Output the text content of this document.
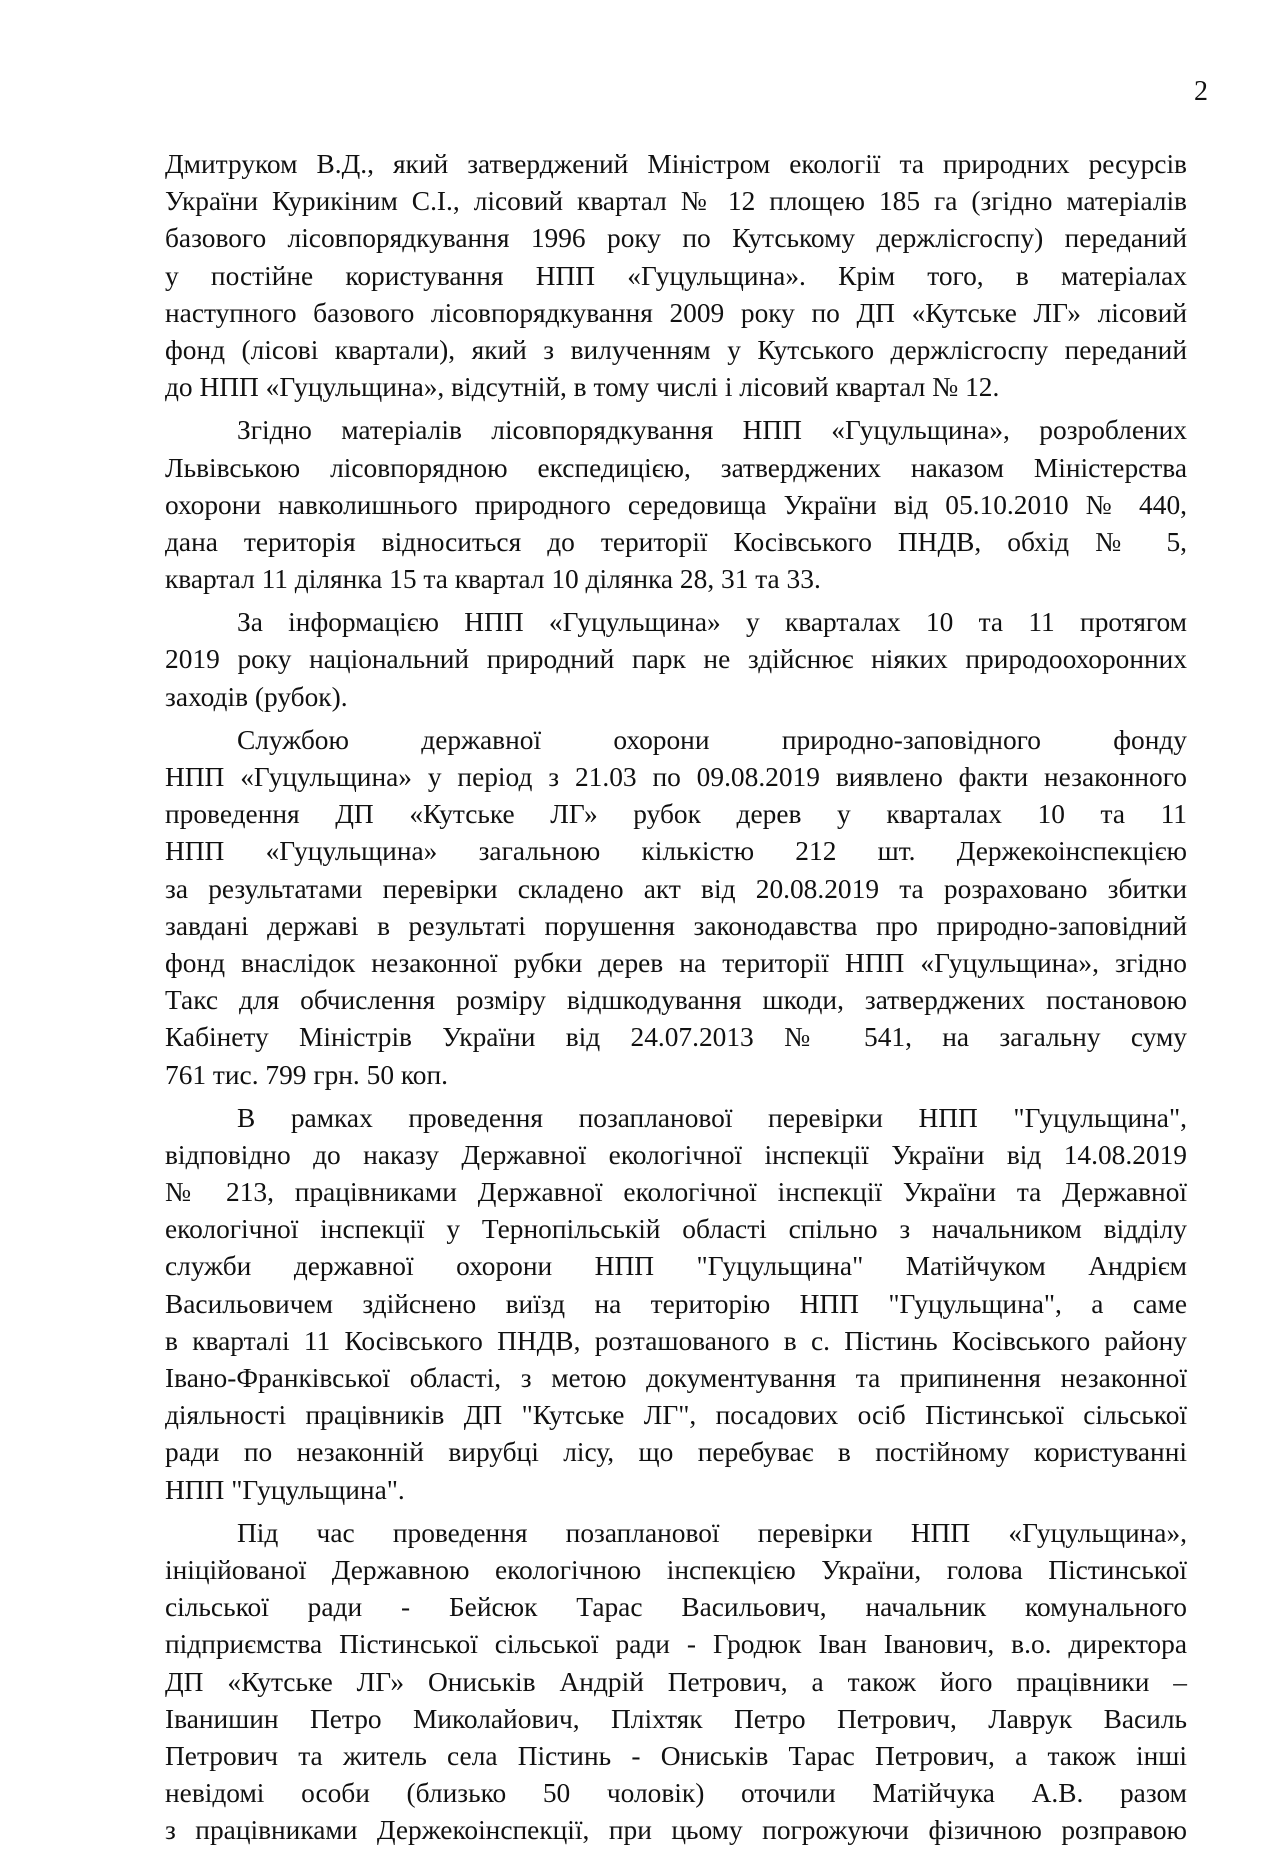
2
Дмитруком В.Д., який затверджений Міністром екології та природних ресурсів
України Курикіним С.І., лісовий квартал № 12 площею 185 га (згідно матеріалів
базового лісовпорядкування 1996 року по Кутському держлісгоспу) переданий
у постійне користування НПП «Гуцульщина». Крім того, в матеріалах
наступного базового лісовпорядкування 2009 року по ДП «Кутське ЛГ» лісовий
фонд (лісові квартали), який з вилученням у Кутського держлісгоспу переданий
до НПП «Гуцульщина», відсутній, в тому числі і лісовий квартал № 12.
Згідно матеріалів лісовпорядкування НПП «Гуцульщина», розроблених
Львівською лісовпорядною експедицією, затверджених наказом Міністерства
охорони навколишнього природного середовища України від 05.10.2010 № 440,
дана територія відноситься до території Косівського ПНДВ, обхід № 5,
квартал 11 ділянка 15 та квартал 10 ділянка 28, 31 та 33.
За інформацією НПП «Гуцульщина» у кварталах 10 та 11 протягом
2019 року національний природний парк не здійснює ніяких природоохоронних
заходів (рубок).
Службою державної охорони природно-заповідного фонду
НПП «Гуцульщина» у період з 21.03 по 09.08.2019 виявлено факти незаконного
проведення ДП «Кутське ЛГ» рубок дерев у кварталах 10 та 11
НПП «Гуцульщина» загальною кількістю 212 шт. Держекоінспекцією
за результатами перевірки складено акт від 20.08.2019 та розраховано збитки
завдані державі в результаті порушення законодавства про природно-заповідний
фонд внаслідок незаконної рубки дерев на території НПП «Гуцульщина», згідно
Такс для обчислення розміру відшкодування шкоди, затверджених постановою
Кабінету Міністрів України від 24.07.2013 № 541, на загальну суму
761 тис. 799 грн. 50 коп.
В рамках проведення позапланової перевірки НПП "Гуцульщина",
відповідно до наказу Державної екологічної інспекції України від 14.08.2019
№ 213, працівниками Державної екологічної інспекції України та Державної
екологічної інспекції у Тернопільській області спільно з начальником відділу
служби державної охорони НПП "Гуцульщина" Матійчуком Андрієм
Васильовичем здійснено виїзд на територію НПП "Гуцульщина", а саме
в кварталі 11 Косівського ПНДВ, розташованого в с. Пістинь Косівського району
Івано-Франківської області, з метою документування та припинення незаконної
діяльності працівників ДП "Кутське ЛГ", посадових осіб Пістинської сільської
ради по незаконній вирубці лісу, що перебуває в постійному користуванні
НПП "Гуцульщина".
Під час проведення позапланової перевірки НПП «Гуцульщина»,
ініційованої Державною екологічною інспекцією України, голова Пістинської
сільської ради - Бейсюк Тарас Васильович, начальник комунального
підприємства Пістинської сільської ради - Гродюк Іван Іванович, в.о. директора
ДП «Кутське ЛГ» Ониськів Андрій Петрович, а також його працівники –
Іванишин Петро Миколайович, Пліхтяк Петро Петрович, Лаврук Василь
Петрович та житель села Пістинь - Ониськів Тарас Петрович, а також інші
невідомі особи (близько 50 чоловік) оточили Матійчука А.В. разом
з працівниками Держекоінспекції, при цьому погрожуючи фізичною розправою
